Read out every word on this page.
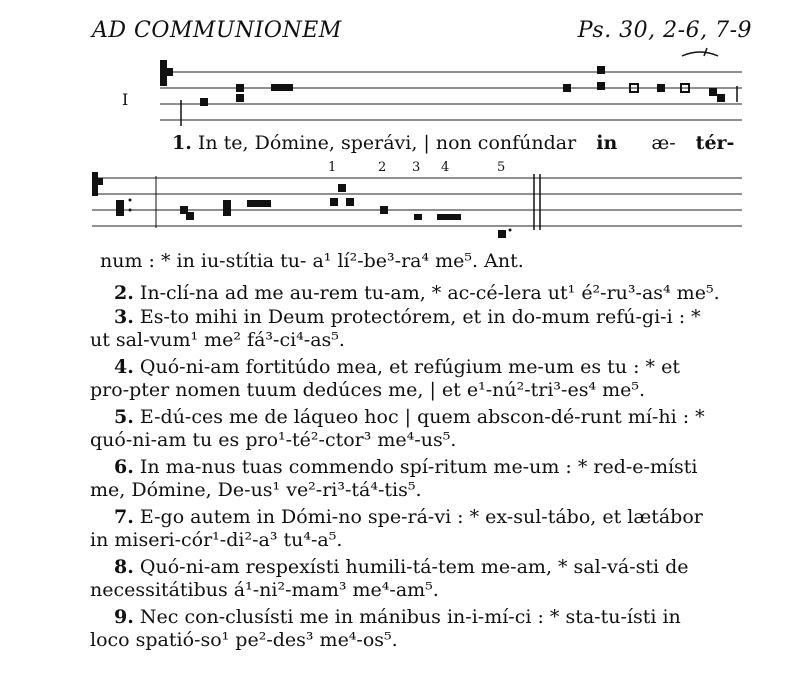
AD COMMUNIONEM	Ps. 30, 2-6, 7-9
I
1. In te, Dómine, sperávi, | non confúndar in æ- tér-
1	2 3 4	5
num : * in iu-stítia tu- a¹ lí²-be³-ra⁴ me⁵. Ant.
2. In-clí-na ad me au-rem tu-am, * ac-cé-lera ut¹ é²-ru³-as⁴ me⁵.
3. Es-to mihi in Deum protectórem, et in do-mum refú-gi-i : *
ut sal-vum¹ me² fá³-ci⁴-as⁵.
4. Quó-ni-am fortitúdo mea, et refúgium me-um es tu : * et
pro-pter nomen tuum dedúces me, | et e¹-nú²-tri³-es⁴ me⁵.
5. E-dú-ces me de láqueo hoc | quem abscon-dé-runt mí-hi : *
quó-ni-am tu es pro¹-té²-ctor³ me⁴-us⁵.
6. In ma-nus tuas commendo spí-ritum me-um : * red-e-místi
me, Dómine, De-us¹ ve²-ri³-tá⁴-tis⁵.
7. E-go autem in Dómi-no spe-rá-vi : * ex-sul-tábo, et lætábor
in miseri-cór¹-di²-a³ tu⁴-a⁵.
8. Quó-ni-am respexísti humili-tá-tem me-am, * sal-vá-sti de
necessitátibus á¹-ni²-mam³ me⁴-am⁵.
9. Nec con-clusísti me in mánibus in-i-mí-ci : * sta-tu-ísti in
loco spatió-so¹ pe²-des³ me⁴-os⁵.
